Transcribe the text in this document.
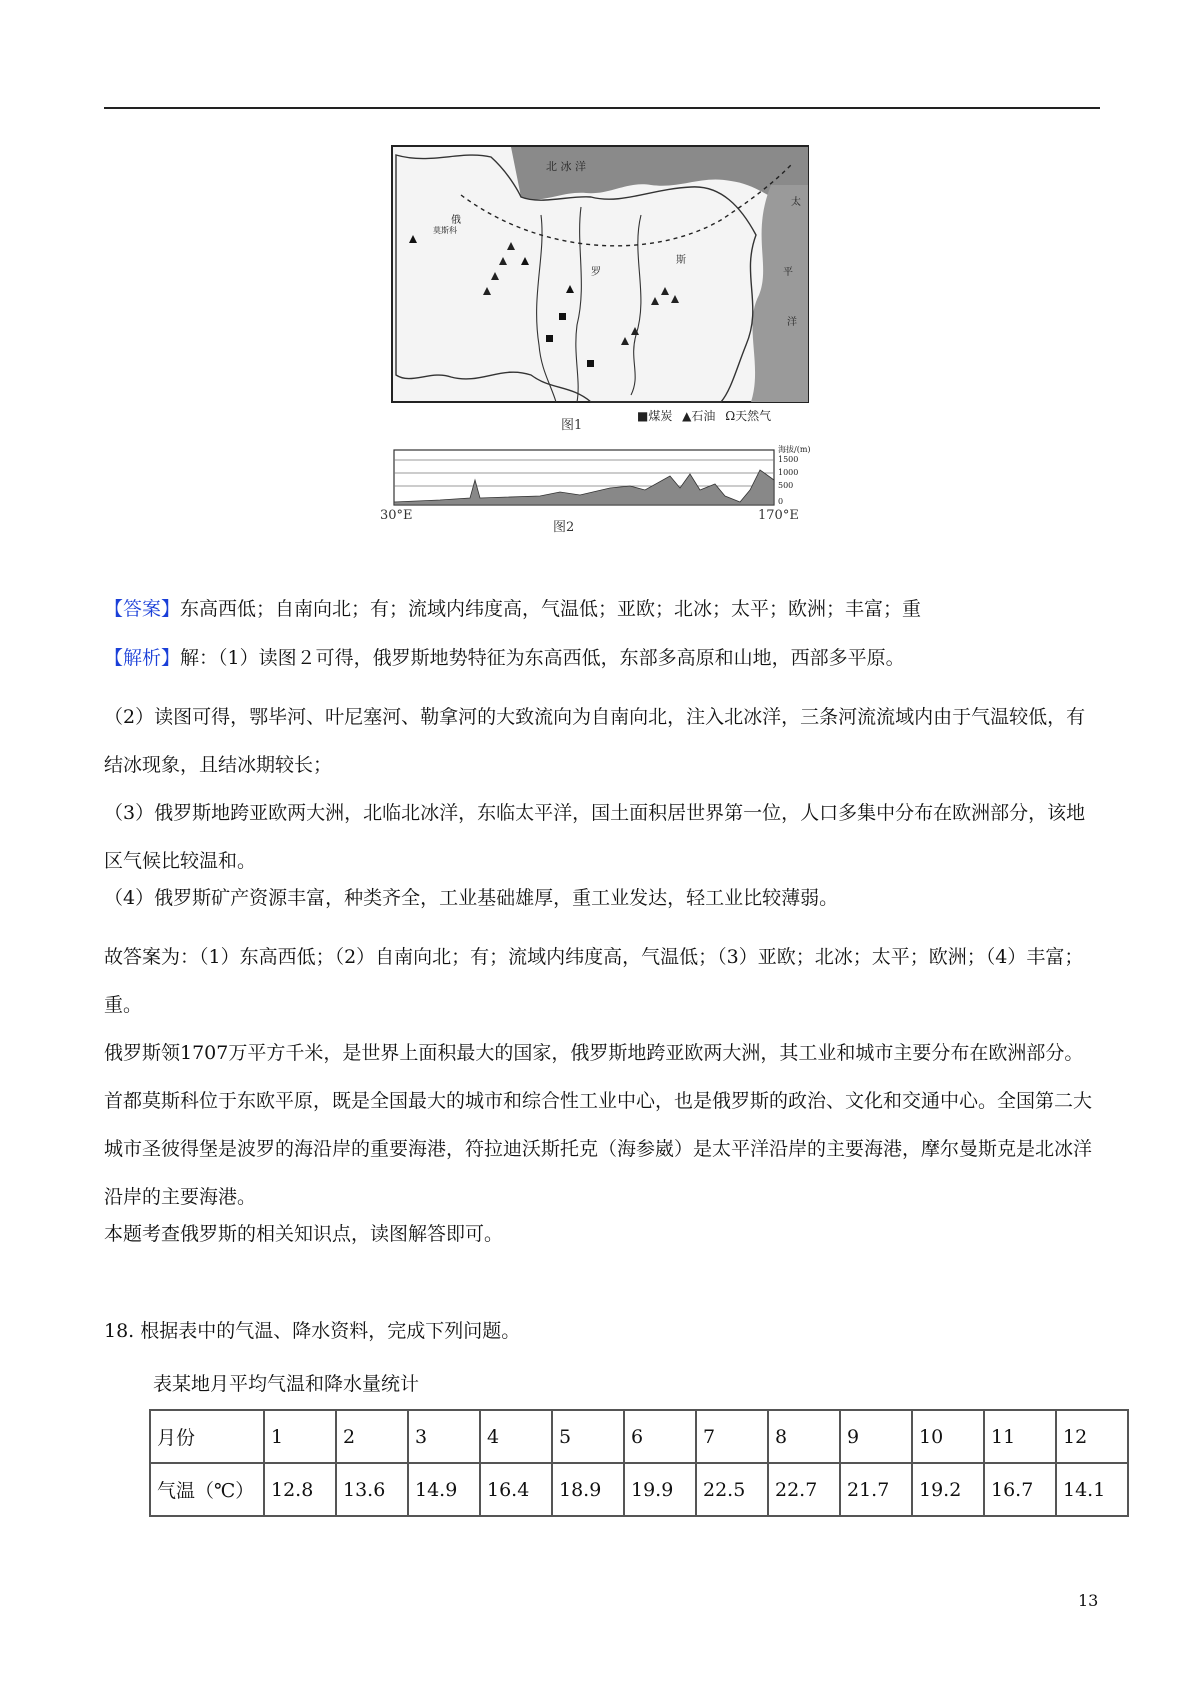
北 冰 洋
太
平
洋
俄
罗
斯
莫斯科
图1
■煤炭 ▲石油 Ω天然气
海拔/(m)
1500
1000
500
0
30°E	170°E
图2
【答案】东高西低；自南向北；有；流域内纬度高，气温低；亚欧；北冰；太平；欧洲；丰富；重
【解析】解：（1）读图２可得，俄罗斯地势特征为东高西低，东部多高原和山地，西部多平原。
（2）读图可得，鄂毕河、叶尼塞河、勒拿河的大致流向为自南向北，注入北冰洋，三条河流流域内由于气温较低，有结冰现象，且结冰期较长；
（3）俄罗斯地跨亚欧两大洲，北临北冰洋，东临太平洋，国土面积居世界第一位，人口多集中分布在欧洲部分，该地区气候比较温和。
（4）俄罗斯矿产资源丰富，种类齐全，工业基础雄厚，重工业发达，轻工业比较薄弱。
故答案为：（1）东高西低；（2）自南向北；有；流域内纬度高，气温低；（3）亚欧；北冰；太平；欧洲；（4）丰富；重。
俄罗斯领1707万平方千米，是世界上面积最大的国家，俄罗斯地跨亚欧两大洲，其工业和城市主要分布在欧洲部分。首都莫斯科位于东欧平原，既是全国最大的城市和综合性工业中心，也是俄罗斯的政治、文化和交通中心。全国第二大城市圣彼得堡是波罗的海沿岸的重要海港，符拉迪沃斯托克（海参崴）是太平洋沿岸的主要海港，摩尔曼斯克是北冰洋沿岸的主要海港。
本题考查俄罗斯的相关知识点，读图解答即可。
18. 根据表中的气温、降水资料，完成下列问题。
表某地月平均气温和降水量统计
月份	1	2	3	4	5	6	7	8	9	10	11	12
气温（℃）	12.8	13.6	14.9	16.4	18.9	19.9	22.5	22.7	21.7	19.2	16.7	14.1
13
